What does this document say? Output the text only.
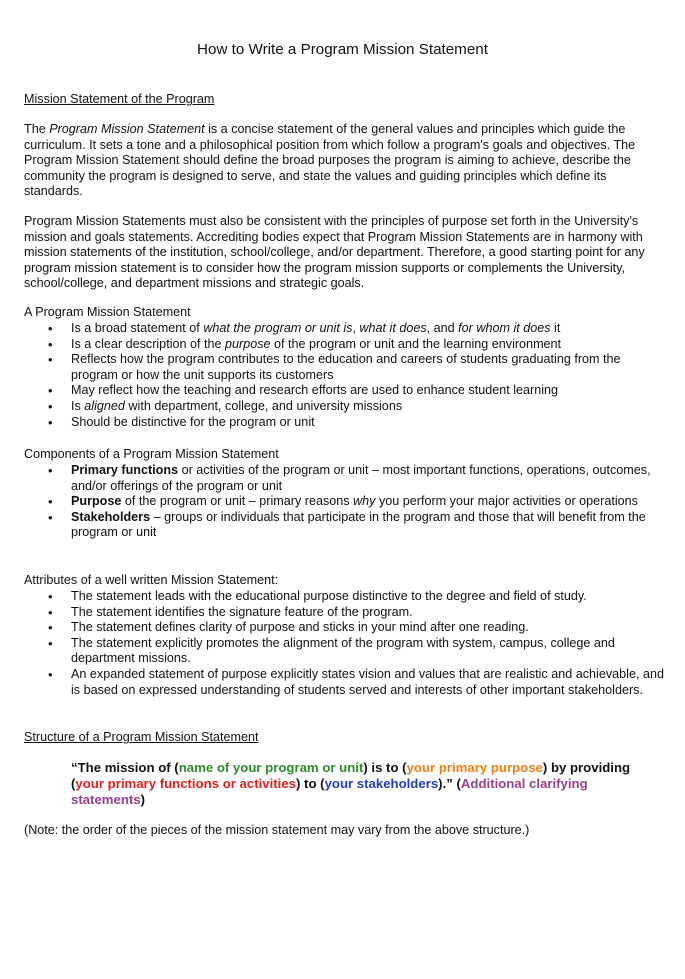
How to Write a Program Mission Statement
Mission Statement of the Program

The Program Mission Statement is a concise statement of the general values and principles which guide the curriculum. It sets a tone and a philosophical position from which follow a program's goals and objectives. The Program Mission Statement should define the broad purposes the program is aiming to achieve, describe the community the program is designed to serve, and state the values and guiding principles which define its standards.

Program Mission Statements must also be consistent with the principles of purpose set forth in the University's mission and goals statements. Accrediting bodies expect that Program Mission Statements are in harmony with mission statements of the institution, school/college, and/or department. Therefore, a good starting point for any program mission statement is to consider how the program mission supports or complements the University, school/college, and department missions and strategic goals.

A Program Mission Statement

• Is a broad statement of what the program or unit is, what it does, and for whom it does it
• Is a clear description of the purpose of the program or unit and the learning environment
• Reflects how the program contributes to the education and careers of students graduating from the program or how the unit supports its customers
• May reflect how the teaching and research efforts are used to enhance student learning
• Is aligned with department, college, and university missions
• Should be distinctive for the program or unit

Components of a Program Mission Statement

• Primary functions or activities of the program or unit – most important functions, operations, outcomes, and/or offerings of the program or unit
• Purpose of the program or unit – primary reasons why you perform your major activities or operations
• Stakeholders – groups or individuals that participate in the program and those that will benefit from the program or unit

Attributes of a well written Mission Statement:

• The statement leads with the educational purpose distinctive to the degree and field of study.
• The statement identifies the signature feature of the program.
• The statement defines clarity of purpose and sticks in your mind after one reading.
• The statement explicitly promotes the alignment of the program with system, campus, college and department missions.
• An expanded statement of purpose explicitly states vision and values that are realistic and achievable, and is based on expressed understanding of students served and interests of other important stakeholders.
Structure of a Program Mission Statement
“The mission of (name of your program or unit) is to (your primary purpose) by providing (your primary functions or activities) to (your stakeholders).” (Additional clarifying statements)
(Note: the order of the pieces of the mission statement may vary from the above structure.)
